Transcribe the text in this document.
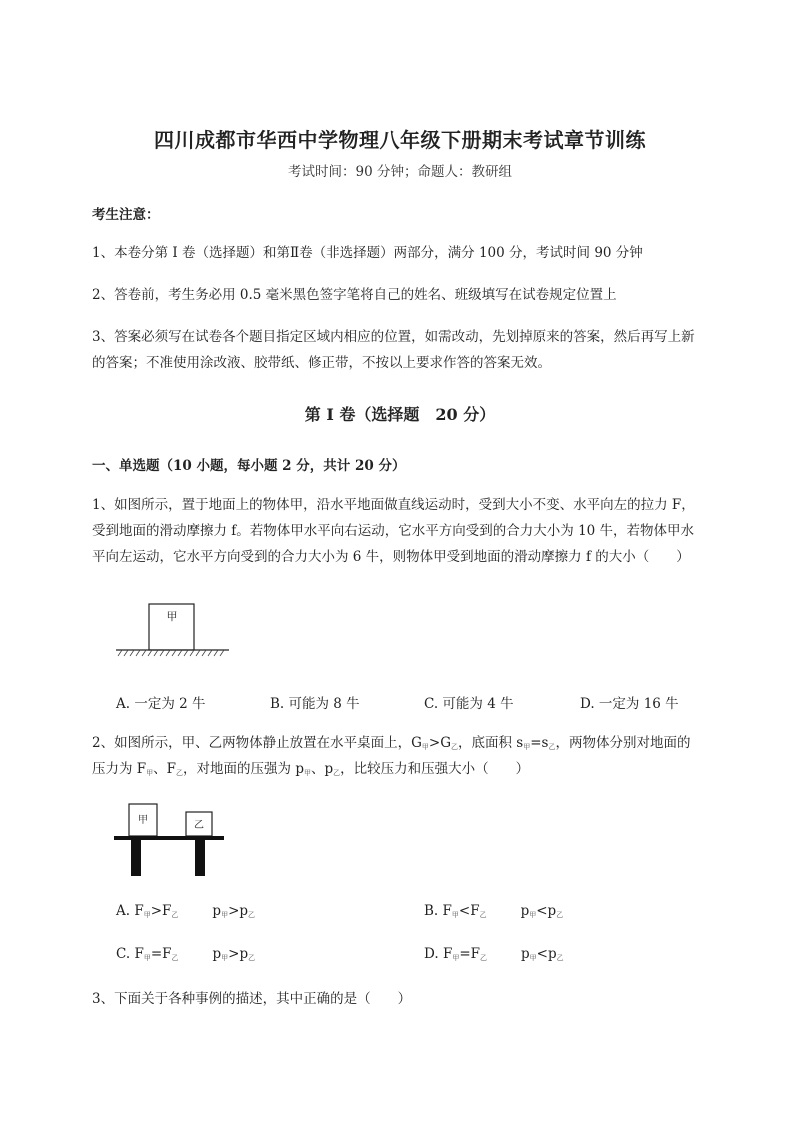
四川成都市华西中学物理八年级下册期末考试章节训练
考试时间：90 分钟；命题人：教研组
考生注意：
1、本卷分第 I 卷（选择题）和第Ⅱ卷（非选择题）两部分，满分 100 分，考试时间 90 分钟
2、答卷前，考生务必用 0.5 毫米黑色签字笔将自己的姓名、班级填写在试卷规定位置上
3、答案必须写在试卷各个题目指定区域内相应的位置，如需改动，先划掉原来的答案，然后再写上新
的答案；不准使用涂改液、胶带纸、修正带，不按以上要求作答的答案无效。
第 I 卷（选择题　20 分）
一、单选题（10 小题，每小题 2 分，共计 20 分）
1、如图所示，置于地面上的物体甲，沿水平地面做直线运动时，受到大小不变、水平向左的拉力 F，
受到地面的滑动摩擦力 f。若物体甲水平向右运动，它水平方向受到的合力大小为 10 牛，若物体甲水
平向左运动，它水平方向受到的合力大小为 6 牛，则物体甲受到地面的滑动摩擦力 f 的大小（　　）
甲
A. 一定为 2 牛	B. 可能为 8 牛	C. 可能为 4 牛	D. 一定为 16 牛
2、如图所示，甲、乙两物体静止放置在水平桌面上，$G_甲>G_乙$，底面积 $s_甲=s_乙$，两物体分别对地面的
压力为 $F_甲$、$F_乙$，对地面的压强为 $p_甲$、$p_乙$，比较压力和压强大小（　　）
甲	乙
A. $F_甲>F_乙$	$p_甲>p_乙$	B. $F_甲<F_乙$	$p_甲<p_乙$
C. $F_甲=F_乙$	$p_甲>p_乙$	D. $F_甲=F_乙$	$p_甲<p_乙$
3、下面关于各种事例的描述，其中正确的是（　　）
